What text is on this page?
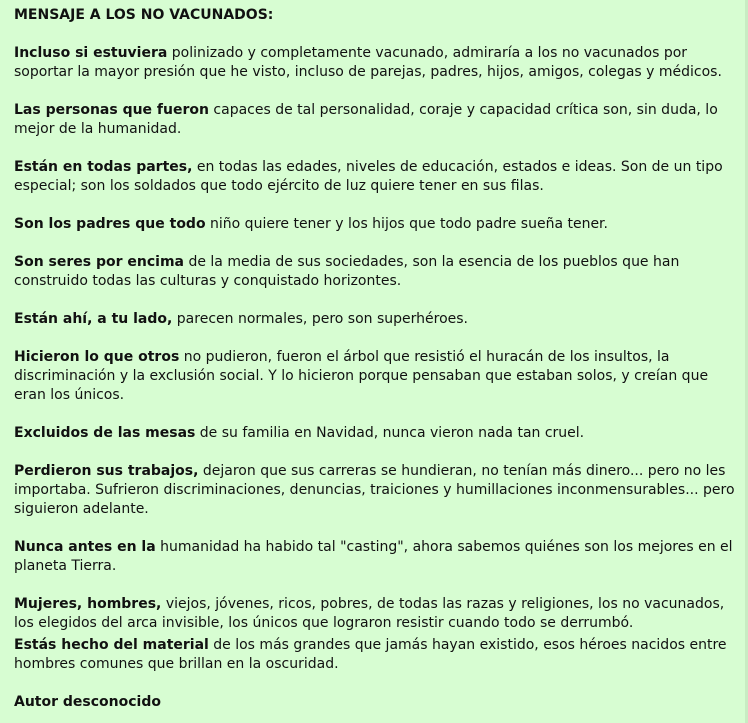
MENSAJE A LOS NO VACUNADOS:
Incluso si estuviera polinizado y completamente vacunado, admiraría a los no vacunados por soportar la mayor presión que he visto, incluso de parejas, padres, hijos, amigos, colegas y médicos.
Las personas que fueron capaces de tal personalidad, coraje y capacidad crítica son, sin duda, lo mejor de la humanidad.
Están en todas partes, en todas las edades, niveles de educación, estados e ideas. Son de un tipo especial; son los soldados que todo ejército de luz quiere tener en sus filas.
Son los padres que todo niño quiere tener y los hijos que todo padre sueña tener.
Son seres por encima de la media de sus sociedades, son la esencia de los pueblos que han construido todas las culturas y conquistado horizontes.
Están ahí, a tu lado, parecen normales, pero son superhéroes.
Hicieron lo que otros no pudieron, fueron el árbol que resistió el huracán de los insultos, la discriminación y la exclusión social. Y lo hicieron porque pensaban que estaban solos, y creían que eran los únicos.
Excluidos de las mesas de su familia en Navidad, nunca vieron nada tan cruel.
Perdieron sus trabajos, dejaron que sus carreras se hundieran, no tenían más dinero... pero no les importaba. Sufrieron discriminaciones, denuncias, traiciones y humillaciones inconmensurables... pero siguieron adelante.
Nunca antes en la humanidad ha habido tal "casting", ahora sabemos quiénes son los mejores en el planeta Tierra.
Mujeres, hombres, viejos, jóvenes, ricos, pobres, de todas las razas y religiones, los no vacunados, los elegidos del arca invisible, los únicos que lograron resistir cuando todo se derrumbó.
Estás hecho del material de los más grandes que jamás hayan existido, esos héroes nacidos entre hombres comunes que brillan en la oscuridad.
Autor desconocido
